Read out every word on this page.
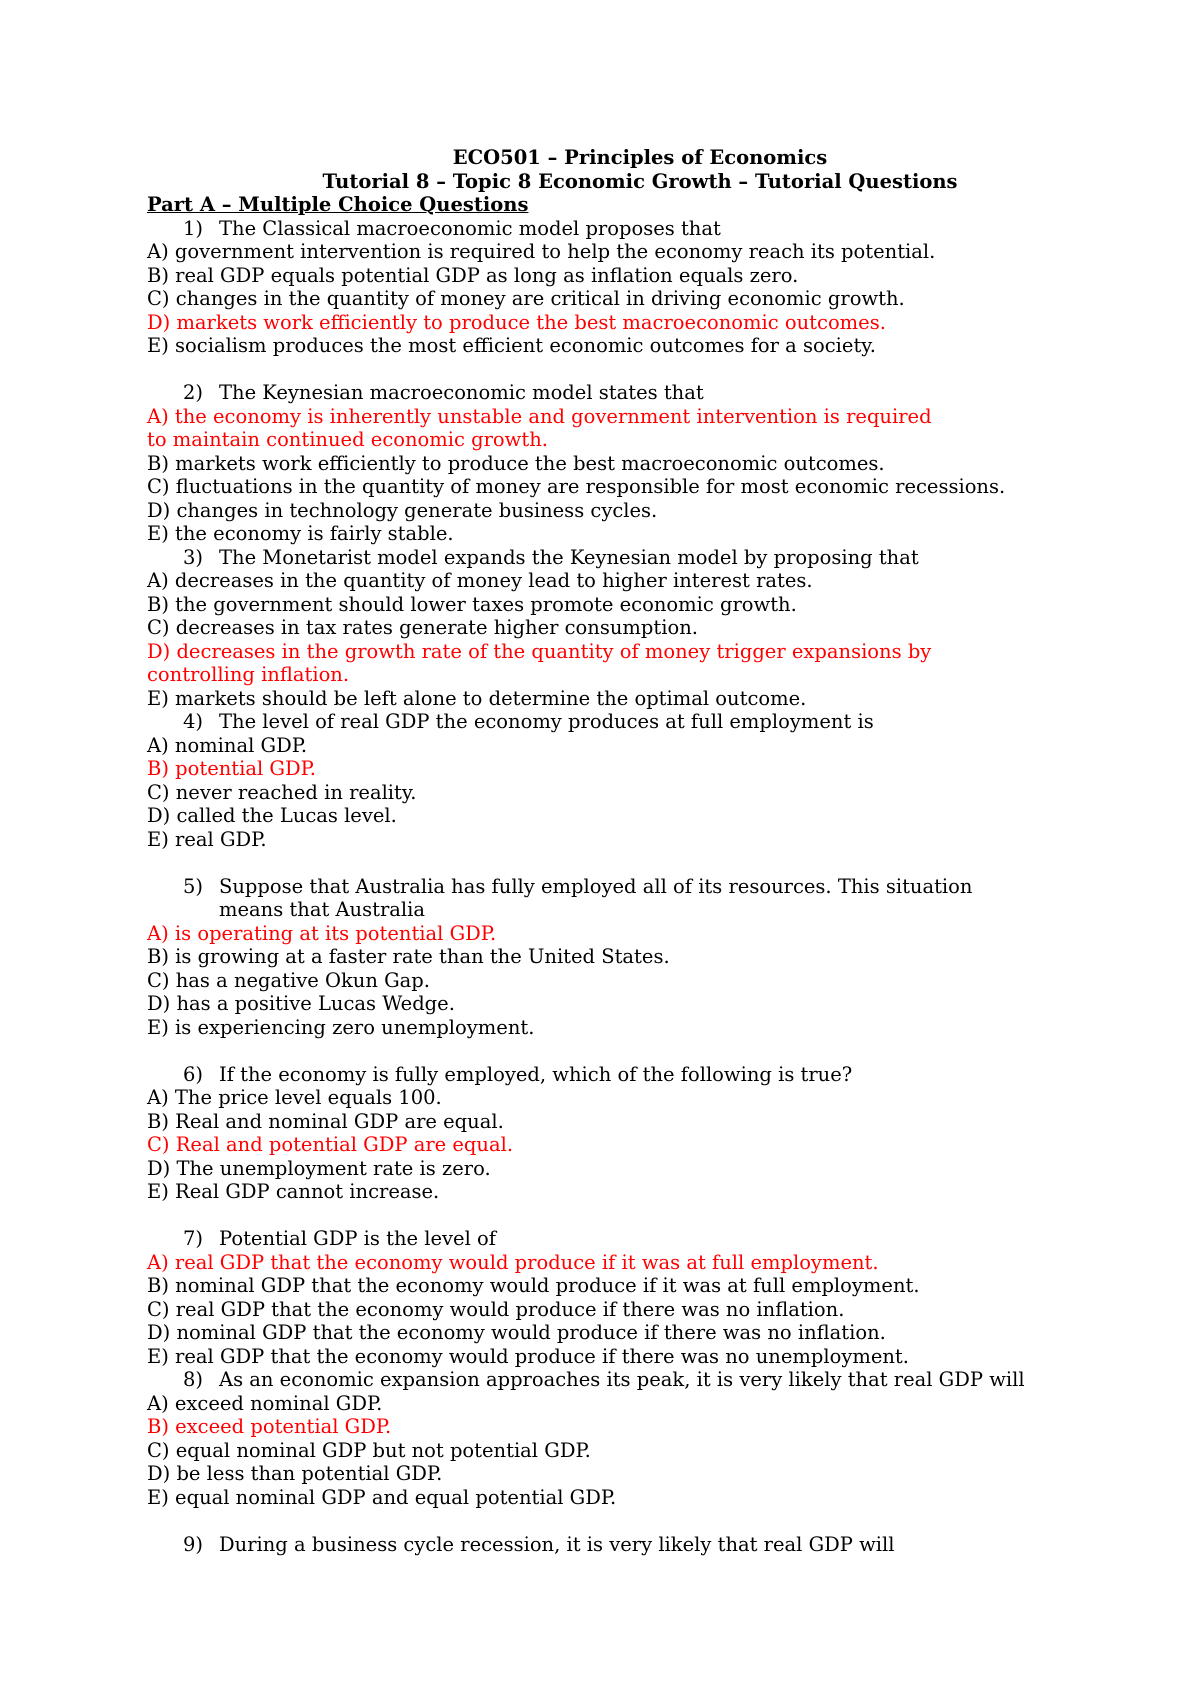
ECO501 – Principles of Economics
Tutorial 8 – Topic 8 Economic Growth – Tutorial Questions
Part A – Multiple Choice Questions
1) The Classical macroeconomic model proposes that
A) government intervention is required to help the economy reach its potential.
B) real GDP equals potential GDP as long as inflation equals zero.
C) changes in the quantity of money are critical in driving economic growth.
D) markets work efficiently to produce the best macroeconomic outcomes.
E) socialism produces the most efficient economic outcomes for a society.
2) The Keynesian macroeconomic model states that
A) the economy is inherently unstable and government intervention is required to maintain continued economic growth.
B) markets work efficiently to produce the best macroeconomic outcomes.
C) fluctuations in the quantity of money are responsible for most economic recessions.
D) changes in technology generate business cycles.
E) the economy is fairly stable.
3) The Monetarist model expands the Keynesian model by proposing that
A) decreases in the quantity of money lead to higher interest rates.
B) the government should lower taxes promote economic growth.
C) decreases in tax rates generate higher consumption.
D) decreases in the growth rate of the quantity of money trigger expansions by controlling inflation.
E) markets should be left alone to determine the optimal outcome.
4) The level of real GDP the economy produces at full employment is
A) nominal GDP.
B) potential GDP.
C) never reached in reality.
D) called the Lucas level.
E) real GDP.
5) Suppose that Australia has fully employed all of its resources. This situation means that Australia
A) is operating at its potential GDP.
B) is growing at a faster rate than the United States.
C) has a negative Okun Gap.
D) has a positive Lucas Wedge.
E) is experiencing zero unemployment.
6) If the economy is fully employed, which of the following is true?
A) The price level equals 100.
B) Real and nominal GDP are equal.
C) Real and potential GDP are equal.
D) The unemployment rate is zero.
E) Real GDP cannot increase.
7) Potential GDP is the level of
A) real GDP that the economy would produce if it was at full employment.
B) nominal GDP that the economy would produce if it was at full employment.
C) real GDP that the economy would produce if there was no inflation.
D) nominal GDP that the economy would produce if there was no inflation.
E) real GDP that the economy would produce if there was no unemployment.
8) As an economic expansion approaches its peak, it is very likely that real GDP will
A) exceed nominal GDP.
B) exceed potential GDP.
C) equal nominal GDP but not potential GDP.
D) be less than potential GDP.
E) equal nominal GDP and equal potential GDP.
9) During a business cycle recession, it is very likely that real GDP will
